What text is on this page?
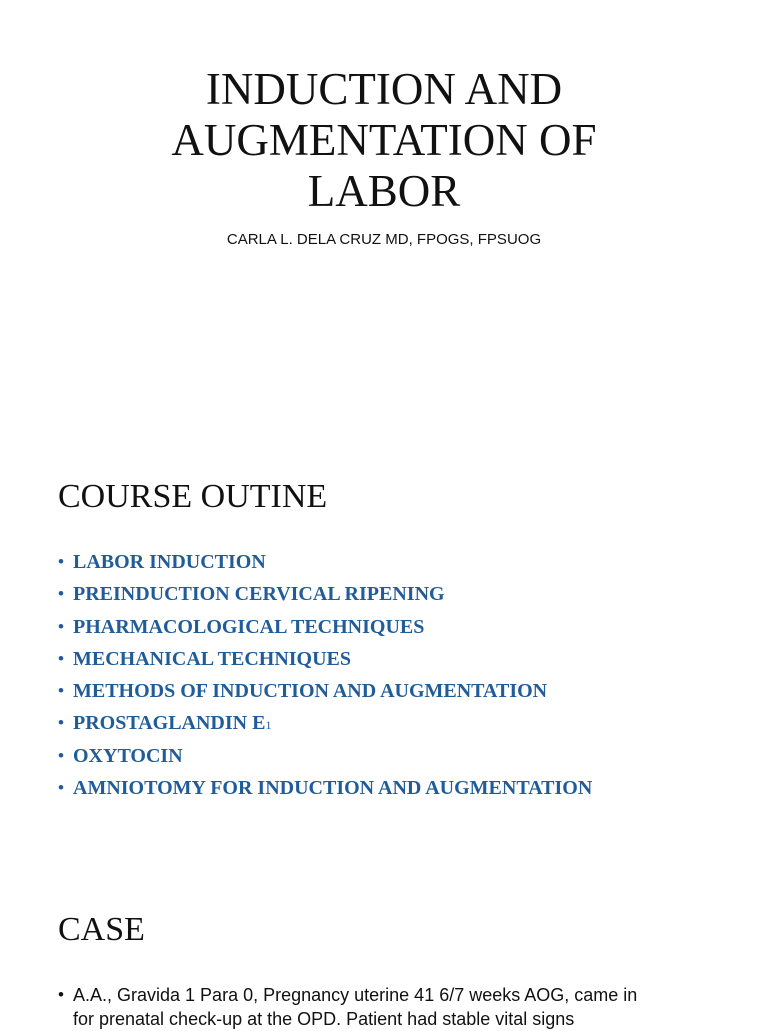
INDUCTION AND
AUGMENTATION OF
LABOR
CARLA L. DELA CRUZ MD, FPOGS, FPSUOG
COURSE OUTINE
• LABOR INDUCTION
• PREINDUCTION CERVICAL RIPENING
• PHARMACOLOGICAL TECHNIQUES
• MECHANICAL TECHNIQUES
• METHODS OF INDUCTION AND AUGMENTATION
• PROSTAGLANDIN E1
• OXYTOCIN
• AMNIOTOMY FOR INDUCTION AND AUGMENTATION
CASE
• A.A., Gravida 1 Para 0, Pregnancy uterine 41 6/7 weeks AOG, came in
for prenatal check-up at the OPD. Patient had stable vital signs
